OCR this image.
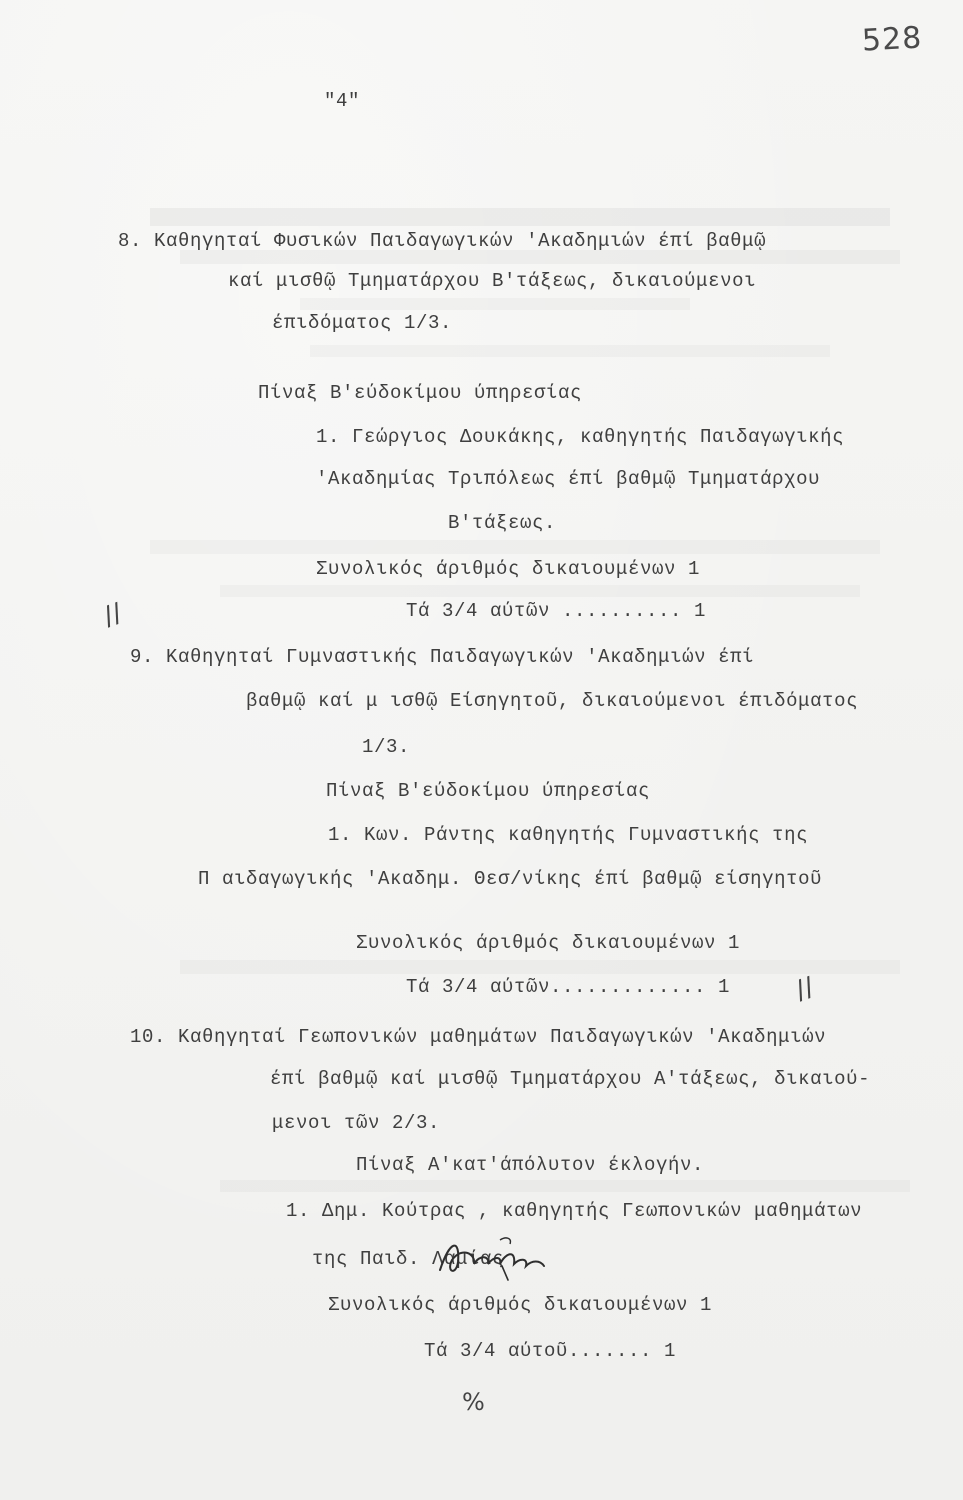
528
"4"
8. Καθηγηταί Φυσικών Παιδαγωγικών 'Ακαδημιών έπί βαθμῷ
καί μισθῷ Τμηματάρχου Β'τάξεως, δικαιούμενοι
έπιδόματος 1/3.
Πίναξ Β'εύδοκίμου ύπηρεσίας
1. Γεώργιος Δουκάκης, καθηγητής Παιδαγωγικής
'Ακαδημίας Τριπόλεως έπί βαθμῷ Τμηματάρχου
Β'τάξεως.
Συνολικός άριθμός δικαιουμένων 1
Τά 3/4 αύτῶν .......... 1
//
9. Καθηγηταί Γυμναστικής Παιδαγωγικών 'Ακαδημιών έπί
βαθμῷ καί μ ισθῷ Είσηγητοῦ, δικαιούμενοι έπιδόματος
1/3.
Πίναξ Β'εύδοκίμου ύπηρεσίας
1. Κων. Ράντης καθηγητής Γυμναστικής της
Π αιδαγωγικής 'Ακαδημ. Θεσ/νίκης έπί βαθμῷ είσηγητοῦ
Συνολικός άριθμός δικαιουμένων 1
Τά 3/4 αύτῶν............. 1 //
10. Καθηγηταί Γεωπονικών μαθημάτων Παιδαγωγικών 'Ακαδημιών
έπί βαθμῷ καί μισθῷ Τμηματάρχου Α'τάξεως, δικαιού-
μενοι τῶν 2/3.
Πίναξ Α'κατ'άπόλυτον έκλογήν.
1. Δημ. Κούτρας , καθηγητής Γεωπονικών μαθημάτων
της Παιδ. Λαμίας
Συνολικός άριθμός δικαιουμένων 1
Τά 3/4 αύτοῦ....... 1
%
